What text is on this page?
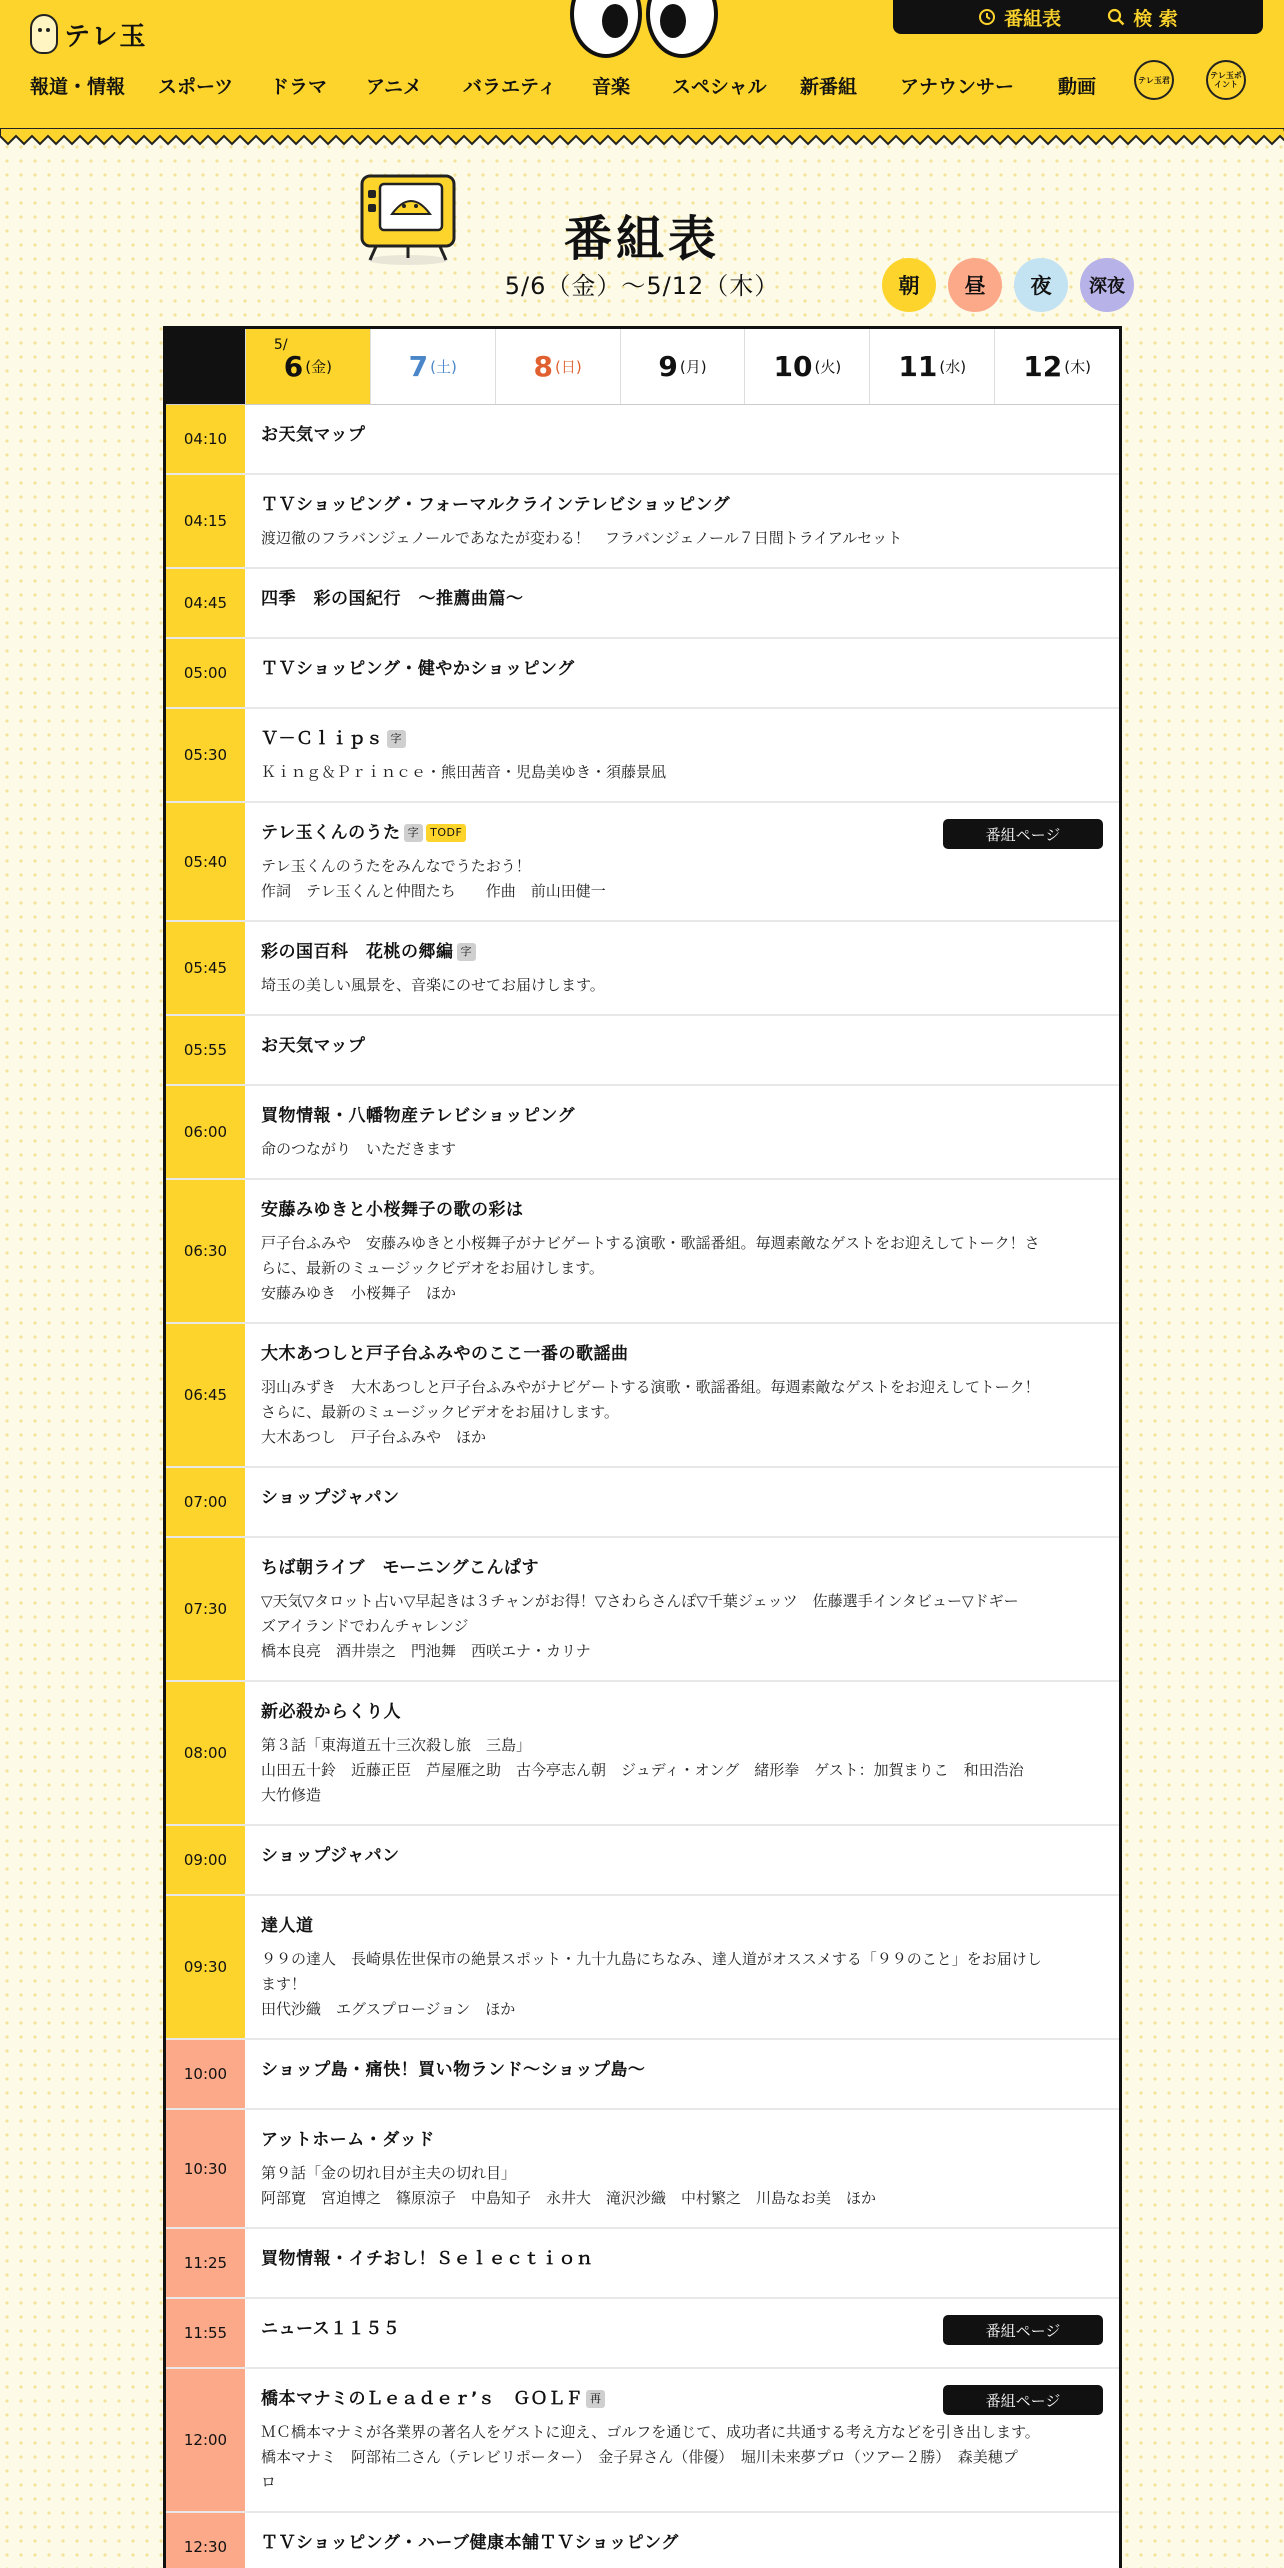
テレ玉
番組表	検 索
報道・情報 スポーツ ドラマ アニメ バラエティ 音楽 スペシャル 新番組 アナウンサー 動画	テレ玉君	テレ玉ポイント
番組表
5/6（金）〜5/12（木）	朝	昼	夜	深夜
5/
6 (金)	7 (土)	8 (日)	9 (月) 10 (火) 11 (水) 12 (木)
04:10	お天気マップ
04:15
ＴＶショッピング・フォーマルクラインテレビショッピング
渡辺徹のフラバンジェノールであなたが変わる！　フラバンジェノール７日間トライアルセット
04:45	四季　彩の国紀行　～推薦曲篇～
05:00	ＴＶショッピング・健やかショッピング
05:30
Ｖ－Ｃｌｉｐｓ 字
Ｋｉｎｇ＆Ｐｒｉｎｃｅ・熊田茜音・児島美ゆき・須藤景凪
05:40
テレ玉くんのうた 字 TODF
テレ玉くんのうたをみんなでうたおう！
作詞　テレ玉くんと仲間たち　　作曲　前山田健一
番組ページ
05:45
彩の国百科　花桃の郷編 字
埼玉の美しい風景を、音楽にのせてお届けします。
05:55	お天気マップ
06:00
買物情報・八幡物産テレビショッピング
命のつながり　いただきます
06:30
安藤みゆきと小桜舞子の歌の彩は
戸子台ふみや　安藤みゆきと小桜舞子がナビゲートする演歌・歌謡番組。毎週素敵なゲストをお迎えしてトーク！さ
らに、最新のミュージックビデオをお届けします。
安藤みゆき　小桜舞子　ほか
06:45
大木あつしと戸子台ふみやのここ一番の歌謡曲
羽山みずき　大木あつしと戸子台ふみやがナビゲートする演歌・歌謡番組。毎週素敵なゲストをお迎えしてトーク！
さらに、最新のミュージックビデオをお届けします。
大木あつし　戸子台ふみや　ほか
07:00	ショップジャパン
07:30
ちば朝ライブ　モーニングこんぱす
▽天気▽タロット占い▽早起きは３チャンがお得！▽さわらさんぽ▽千葉ジェッツ　佐藤選手インタビュー▽ドギー
ズアイランドでわんチャレンジ
橋本良亮　酒井崇之　門池舞　西咲エナ・カリナ
08:00
新必殺からくり人
第３話「東海道五十三次殺し旅　三島」
山田五十鈴　近藤正臣　芦屋雁之助　古今亭志ん朝　ジュディ・オング　緒形拳　ゲスト：加賀まりこ　和田浩治
大竹修造
09:00	ショップジャパン
09:30
達人道
９９の達人　長崎県佐世保市の絶景スポット・九十九島にちなみ、達人道がオススメする「９９のこと」をお届けし
ます！
田代沙織　エグスプロージョン　ほか
10:00	ショップ島・痛快！買い物ランド～ショップ島～
10:30
アットホーム・ダッド
第９話「金の切れ目が主夫の切れ目」
阿部寛　宮迫博之　篠原涼子　中島知子　永井大　滝沢沙織　中村繁之　川島なお美　ほか
11:25	買物情報・イチおし！Ｓｅｌｅｃｔｉｏｎ
11:55	ニュース１１５５	番組ページ
12:00
橋本マナミのＬｅａｄｅｒ’ｓ　ＧＯＬＦ 再
ＭＣ橋本マナミが各業界の著名人をゲストに迎え、ゴルフを通じて、成功者に共通する考え方などを引き出します。
橋本マナミ　阿部祐二さん（テレビリポーター）　金子昇さん（俳優）　堀川未来夢プロ（ツアー２勝）　森美穂プ
ロ
番組ページ
12:30	ＴＶショッピング・ハーブ健康本舗ＴＶショッピング
